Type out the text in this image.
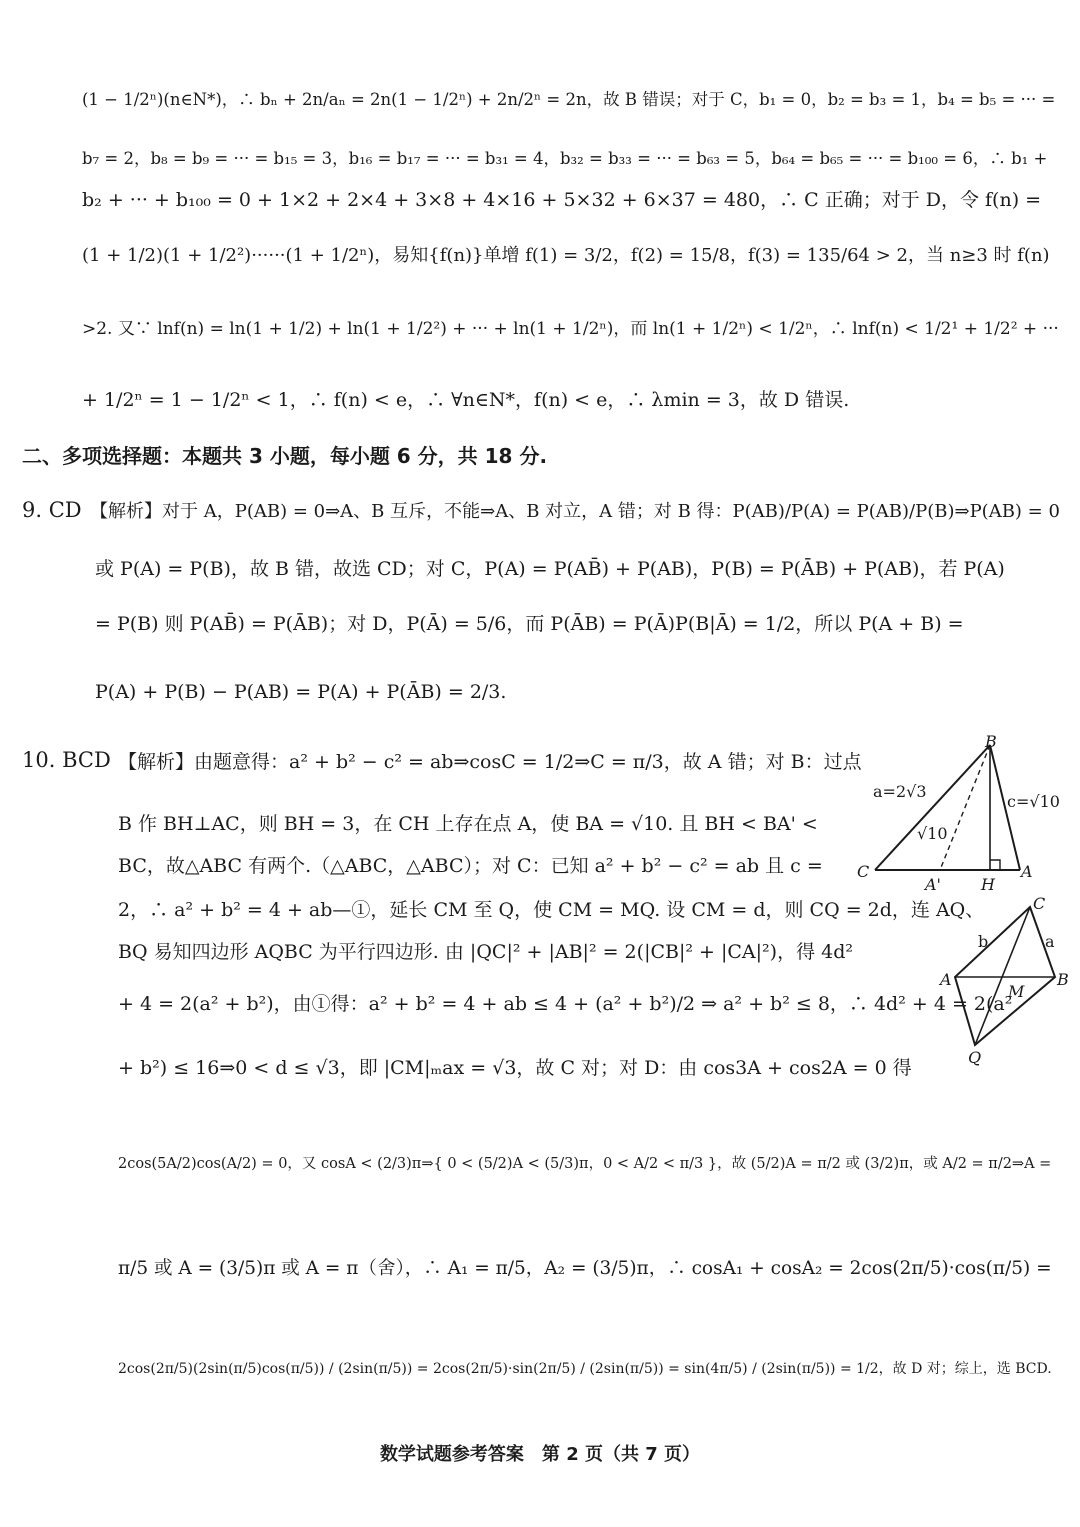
(1 − 1/2ⁿ)(n∈N*)，∴ bₙ + 2n/aₙ = 2n(1 − 1/2ⁿ) + 2n/2ⁿ = 2n，故 B 错误；对于 C，b₁ = 0，b₂ = b₃ = 1，b₄ = b₅ = ··· =
b₇ = 2，b₈ = b₉ = ··· = b₁₅ = 3，b₁₆ = b₁₇ = ··· = b₃₁ = 4，b₃₂ = b₃₃ = ··· = b₆₃ = 5，b₆₄ = b₆₅ = ··· = b₁₀₀ = 6，∴ b₁ +
b₂ + ··· + b₁₀₀ = 0 + 1×2 + 2×4 + 3×8 + 4×16 + 5×32 + 6×37 = 480，∴ C 正确；对于 D，令 f(n) =
(1 + 1/2)(1 + 1/2²)······(1 + 1/2ⁿ)，易知{f(n)}单增 f(1) = 3/2，f(2) = 15/8，f(3) = 135/64 > 2，当 n≥3 时 f(n)
>2. 又∵ lnf(n) = ln(1 + 1/2) + ln(1 + 1/2²) + ··· + ln(1 + 1/2ⁿ)，而 ln(1 + 1/2ⁿ) < 1/2ⁿ，∴ lnf(n) < 1/2¹ + 1/2² + ···
+ 1/2ⁿ = 1 − 1/2ⁿ < 1，∴ f(n) < e，∴ ∀n∈N*，f(n) < e，∴ λmin = 3，故 D 错误.
二、多项选择题：本题共 3 小题，每小题 6 分，共 18 分.
9. CD 【解析】对于 A，P(AB) = 0⇒A、B 互斥，不能⇒A、B 对立，A 错；对 B 得：P(AB)/P(A) = P(AB)/P(B)⇒P(AB) = 0
或 P(A) = P(B)，故 B 错，故选 CD；对 C，P(A) = P(AB̄) + P(AB)，P(B) = P(ĀB) + P(AB)，若 P(A)
= P(B) 则 P(AB̄) = P(ĀB)；对 D，P(Ā) = 5/6，而 P(ĀB) = P(Ā)P(B|Ā) = 1/2，所以 P(A + B) =
P(A) + P(B) − P(AB) = P(A) + P(ĀB) = 2/3.
10. BCD 【解析】由题意得：a² + b² − c² = ab⇒cosC = 1/2⇒C = π/3，故 A 错；对 B：过点
B 作 BH⊥AC，则 BH = 3，在 CH 上存在点 A，使 BA = √10. 且 BH < BA' <
BC，故△ABC 有两个.（△ABC，△ABC）；对 C：已知 a² + b² − c² = ab 且 c =
2，∴ a² + b² = 4 + ab—①，延长 CM 至 Q，使 CM = MQ. 设 CM = d，则 CQ = 2d，连 AQ、
BQ 易知四边形 AQBC 为平行四边形. 由 |QC|² + |AB|² = 2(|CB|² + |CA|²)，得 4d²
+ 4 = 2(a² + b²)，由①得：a² + b² = 4 + ab ≤ 4 + (a² + b²)/2 ⇒ a² + b² ≤ 8，∴ 4d² + 4 = 2(a²
+ b²) ≤ 16⇒0 < d ≤ √3，即 |CM|ₘax = √3，故 C 对；对 D：由 cos3A + cos2A = 0 得
2cos(5A/2)cos(A/2) = 0，又 cosA < (2/3)π⇒{ 0 < (5/2)A < (5/3)π，0 < A/2 < π/3 }，故 (5/2)A = π/2 或 (3/2)π，或 A/2 = π/2⇒A =
π/5 或 A = (3/5)π 或 A = π（舍），∴ A₁ = π/5，A₂ = (3/5)π，∴ cosA₁ + cosA₂ = 2cos(2π/5)·cos(π/5) =
2cos(2π/5)(2sin(π/5)cos(π/5)) / (2sin(π/5)) = 2cos(2π/5)·sin(2π/5) / (2sin(π/5)) = sin(4π/5) / (2sin(π/5)) = 1/2，故 D 对；综上，选 BCD.
B
C	A
A'	H
a=2√3
c=√10
√10
C
A	B
M
Q
b	a
数学试题参考答案　第 2 页（共 7 页）
